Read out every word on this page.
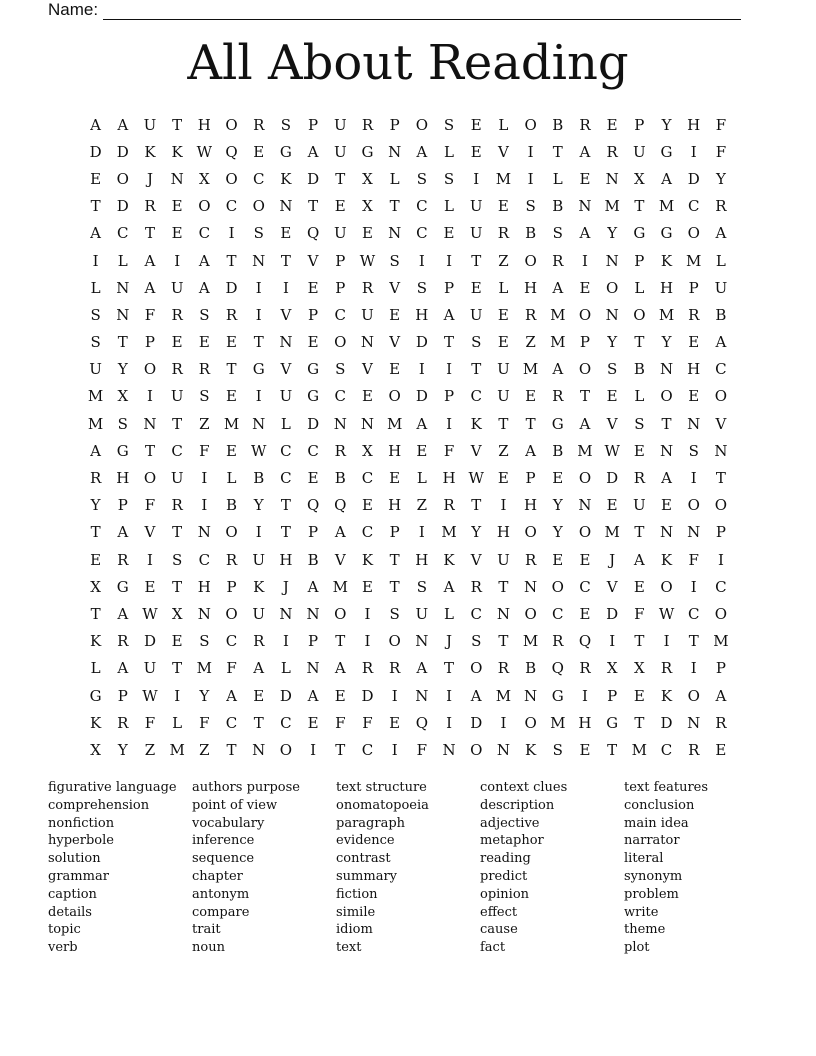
Name:
All About Reading
A	A	U	T	H O	R	S	P	U	R	P	O	S	E	L	O	B	R	E	P	Y	H	F
D	D	K	K W Q	E	G	A	U G N	A	L	E	V	I	T	A	R	U G	I	F
E	O	J	N	X	O	C	K	D	T	X	L	S	S	I	M	I	L	E	N	X	A	D	Y
T	D	R	E	O	C	O N	T	E	X	T	C	L	U	E	S	B	N M T M C	R
A	C	T	E	C	I	S	E	Q U	E	N C	E	U	R	B	S	A	Y	G	G	O	A
I	L	A	I	A	T	N	T	V	P W S	I	I	T	Z	O	R	I	N	P	K M L
L	N	A	U	A	D	I	I	E	P	R	V	S	P	E	L	H	A	E	O	L	H	P	U
S	N	F	R	S	R	I	V	P	C	U	E	H	A	U	E	R M O N O M R	B
S	T	P	E	E	E	T	N	E	O N	V	D	T	S	E	Z M P	Y	T	Y	E	A
U	Y	O	R	R	T	G	V	G	S	V	E	I	I	T	U M A	O	S	B	N H C
M X	I	U	S	E	I	U G	C	E	O	D	P	C	U	E	R	T	E	L	O	E	O
M S	N	T	Z M N	L	D N N M A	I	K	T	T	G	A	V	S	T	N	V
A	G	T	C	F	E W C	C	R	X	H	E	F	V	Z	A	B M W E	N	S	N
R	H O U	I	L	B	C	E	B	C	E	L	H W E	P	E	O	D	R	A	I	T
Y	P	F	R	I	B	Y	T	Q Q	E	H	Z	R	T	I	H	Y	N	E	U	E	O O
T	A	V	T	N O	I	T	P	A	C	P	I	M Y	H O	Y	O M T	N N	P
E	R	I	S	C	R	U H	B	V	K	T	H	K	V	U	R	E	E	J	A	K	F	I
X	G	E	T	H	P	K	J	A M E	T	S	A	R	T	N O	C	V	E	O	I	C
T	A W X	N O U N N O	I	S	U	L	C N O	C	E	D	F W C	O
K	R	D	E	S	C	R	I	P	T	I	O N	J	S	T M R	Q	I	T	I	T M
L	A	U	T M F	A	L	N	A	R	R	A	T	O	R	B	Q	R	X	X	R	I	P
G	P W	I	Y	A	E	D	A	E	D	I	N	I	A M N G	I	P	E	K	O	A
K	R	F	L	F	C	T	C	E	F	F	E	Q	I	D	I	O M H G	T	D N R
X	Y	Z M Z	T	N O	I	T	C	I	F	N O N	K	S	E	T M C	R	E
figurative language
comprehension
nonfiction
hyperbole
solution
grammar
caption
details
topic
verb
authors purpose
point of view
vocabulary
inference
sequence
chapter
antonym
compare
trait
noun
text structure
onomatopoeia
paragraph
evidence
contrast
summary
fiction
simile
idiom
text
context clues
description
adjective
metaphor
reading
predict
opinion
effect
cause
fact
text features
conclusion
main idea
narrator
literal
synonym
problem
write
theme
plot
